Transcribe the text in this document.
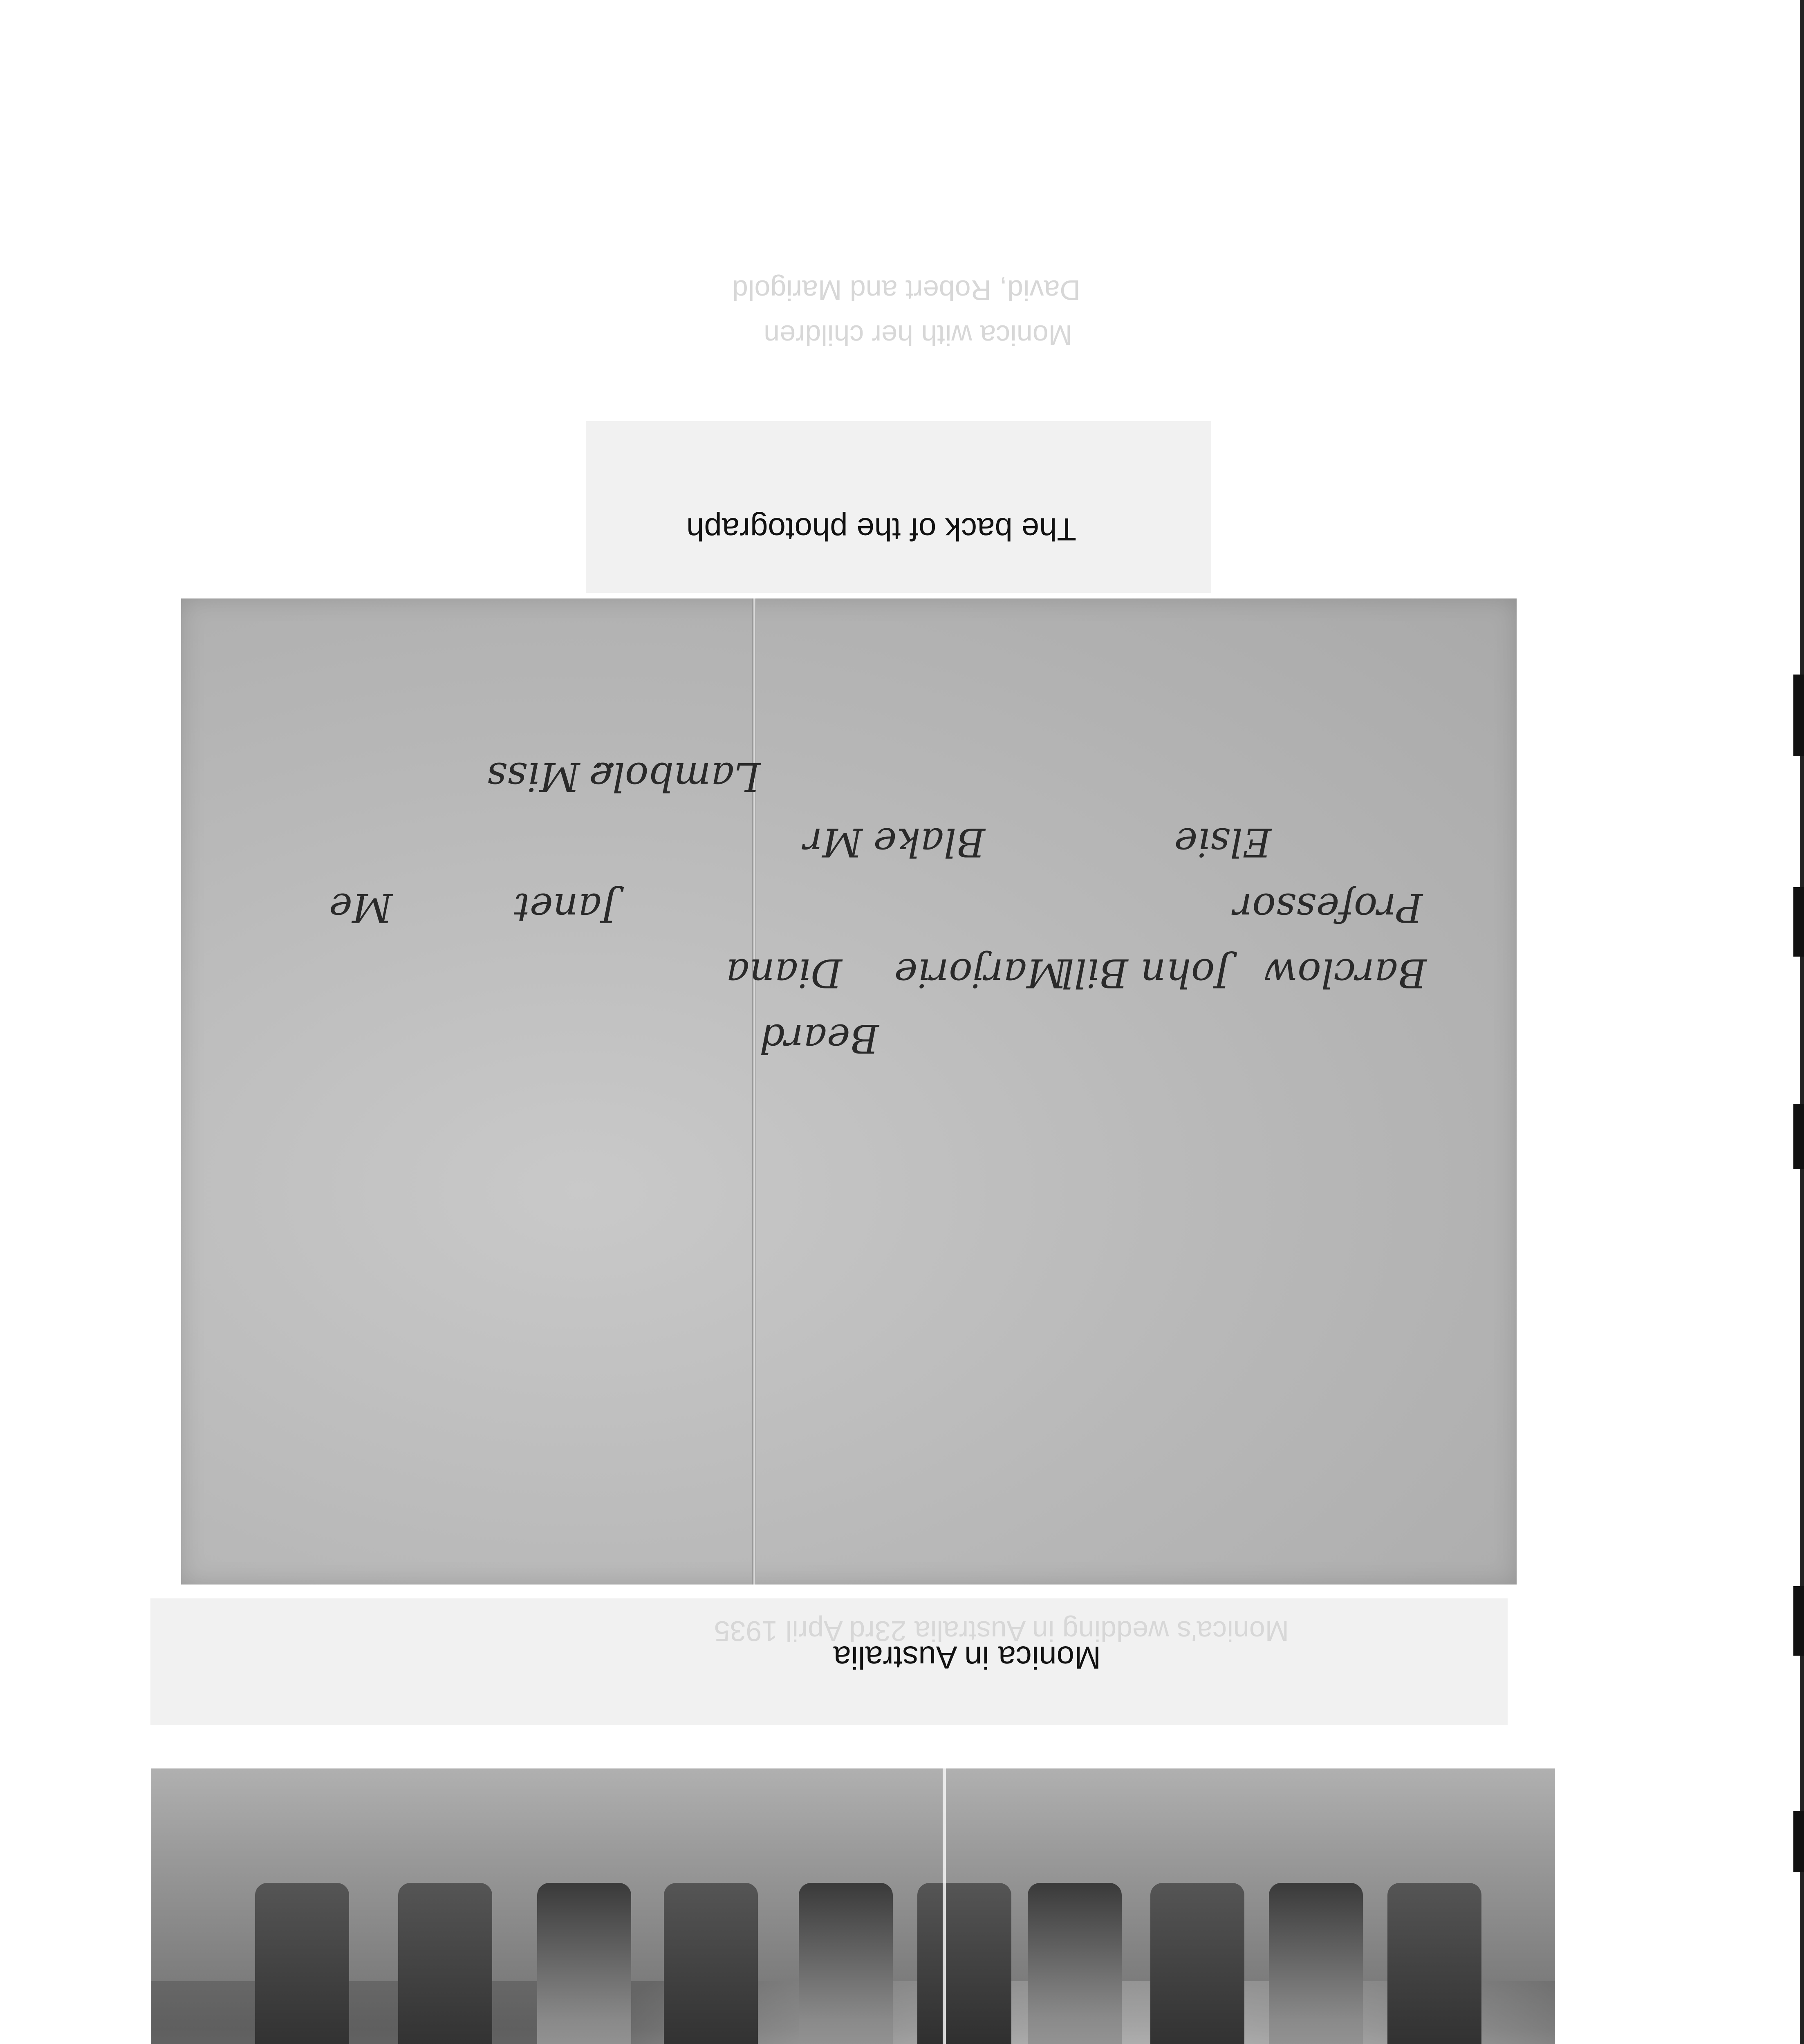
Monica with her children
David, Robert and Marigold
Monica's wedding in Australia 23rd April 1935
Monica in Australia
Beard
Diana Marjorie
John Bill Barclow
Me	Janet	Professor
Elsie
Blake
Mr
Lambole
.. Miss
The back of the photograph
